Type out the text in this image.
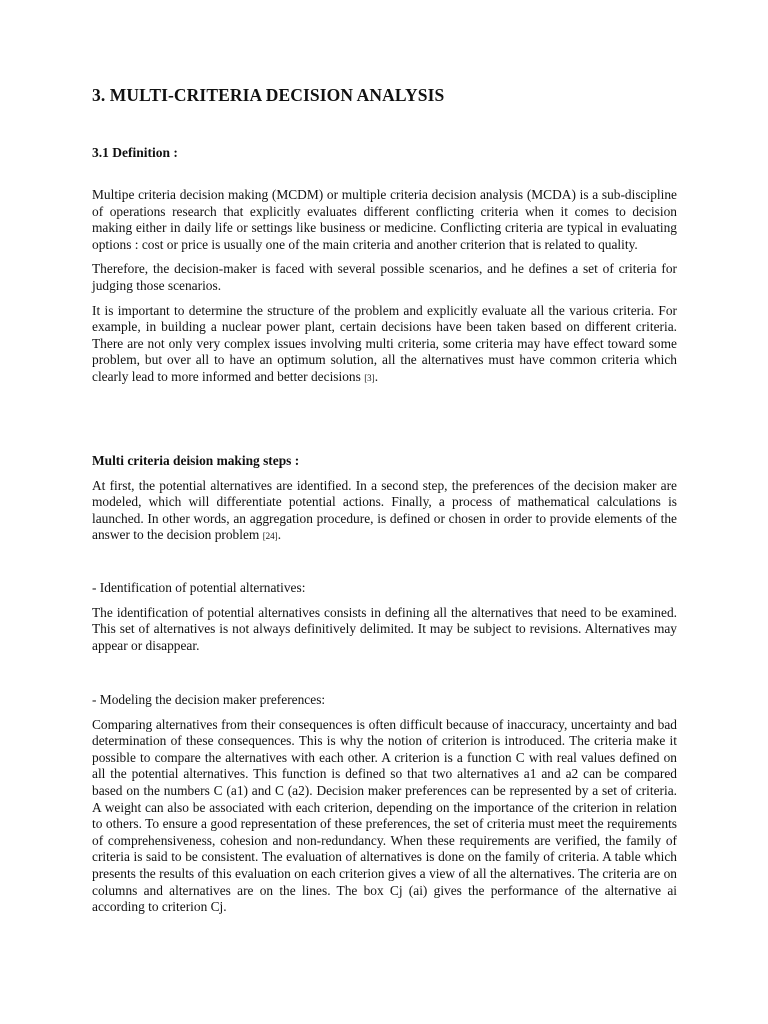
3. MULTI-CRITERIA DECISION ANALYSIS
3.1 Definition :

Multipe criteria decision making (MCDM) or multiple criteria decision analysis (MCDA) is a sub-discipline of operations research that explicitly evaluates different conflicting criteria when it comes to decision making either in daily life or settings like business or medicine. Conflicting criteria are typical in evaluating options : cost or price is usually one of the main criteria and another criterion that is related to quality.

Therefore, the decision-maker is faced with several possible scenarios, and he defines a set of criteria for judging those scenarios.

It is important to determine the structure of the problem and explicitly evaluate all the various criteria. For example, in building a nuclear power plant, certain decisions have been taken based on different criteria. There are not only very complex issues involving multi criteria, some criteria may have effect toward some problem, but over all to have an optimum solution, all the alternatives must have common criteria which clearly lead to more informed and better decisions [3].

Multi criteria deision making steps :

At first, the potential alternatives are identified. In a second step, the preferences of the decision maker are modeled, which will differentiate potential actions. Finally, a process of mathematical calculations is launched. In other words, an aggregation procedure, is defined or chosen in order to provide elements of the answer to the decision problem [24].

- Identification of potential alternatives:

The identification of potential alternatives consists in defining all the alternatives that need to be examined. This set of alternatives is not always definitively delimited. It may be subject to revisions. Alternatives may appear or disappear.

- Modeling the decision maker preferences:

Comparing alternatives from their consequences is often difficult because of inaccuracy, uncertainty and bad determination of these consequences. This is why the notion of criterion is introduced. The criteria make it possible to compare the alternatives with each other. A criterion is a function C with real values defined on all the potential alternatives. This function is defined so that two alternatives a1 and a2 can be compared based on the numbers C (a1) and C (a2). Decision maker preferences can be represented by a set of criteria. A weight can also be associated with each criterion, depending on the importance of the criterion in relation to others. To ensure a good representation of these preferences, the set of criteria must meet the requirements of comprehensiveness, cohesion and non-redundancy. When these requirements are verified, the family of criteria is said to be consistent. The evaluation of alternatives is done on the family of criteria. A table which presents the results of this evaluation on each criterion gives a view of all the alternatives. The criteria are on columns and alternatives are on the lines. The box Cj (ai) gives the performance of the alternative ai according to criterion Cj.
